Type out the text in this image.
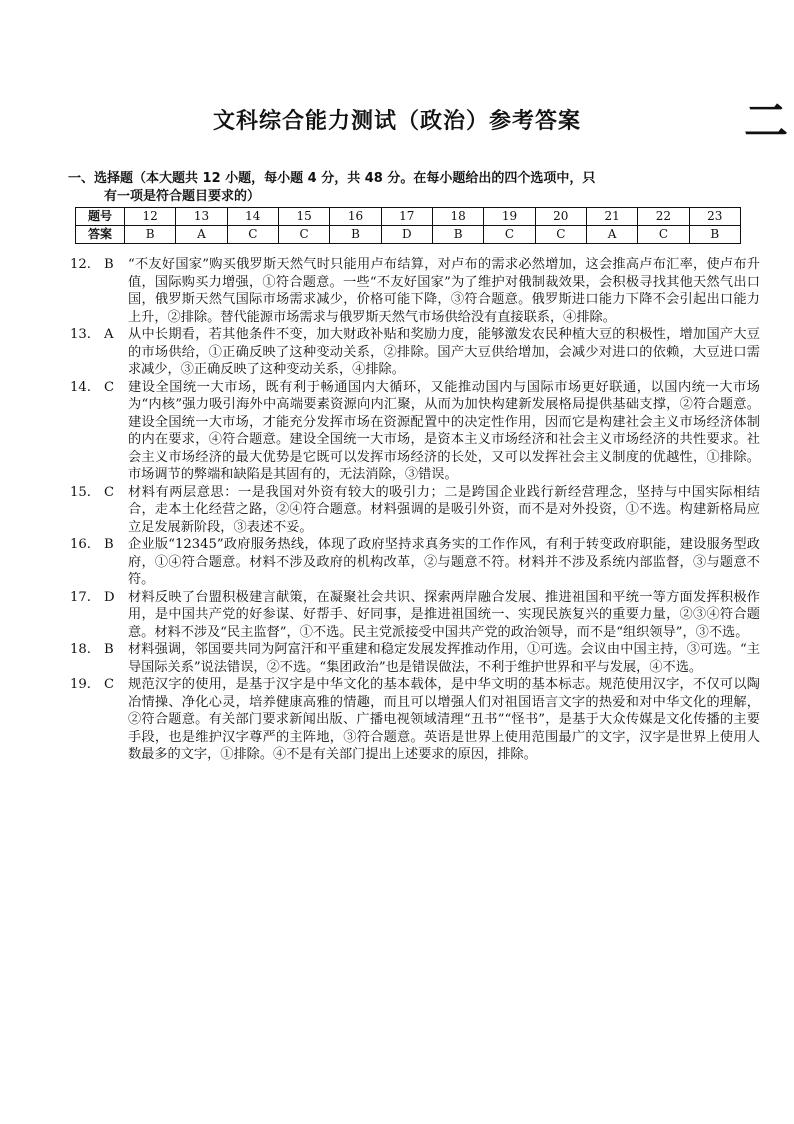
二
文科综合能力测试（政治）参考答案
一、选择题（本大题共 12 小题，每小题 4 分，共 48 分。在每小题给出的四个选项中，只
有一项是符合题目要求的）
题号	12	13	14	15	16	17	18	19	20	21	22	23
答案	B	A	C	C	B	D	B	C	C	A	C	B
12. B	“不友好国家”购买俄罗斯天然气时只能用卢布结算，对卢布的需求必然增加，这会推高卢布汇率，使卢布升值，国际购买力增强，①符合题意。一些“不友好国家”为了维护对俄制裁效果，会积极寻找其他天然气出口国，俄罗斯天然气国际市场需求减少，价格可能下降，③符合题意。俄罗斯进口能力下降不会引起出口能力上升，②排除。替代能源市场需求与俄罗斯天然气市场供给没有直接联系，④排除。
13. A	从中长期看，若其他条件不变，加大财政补贴和奖励力度，能够激发农民种植大豆的积极性，增加国产大豆的市场供给，①正确反映了这种变动关系，②排除。国产大豆供给增加，会减少对进口的依赖，大豆进口需求减少，③正确反映了这种变动关系，④排除。
14. C	建设全国统一大市场，既有利于畅通国内大循环，又能推动国内与国际市场更好联通，以国内统一大市场为“内核”强力吸引海外中高端要素资源向内汇聚，从而为加快构建新发展格局提供基础支撑，②符合题意。建设全国统一大市场，才能充分发挥市场在资源配置中的决定性作用，因而它是构建社会主义市场经济体制的内在要求，④符合题意。建设全国统一大市场，是资本主义市场经济和社会主义市场经济的共性要求。社会主义市场经济的最大优势是它既可以发挥市场经济的长处，又可以发挥社会主义制度的优越性，①排除。市场调节的弊端和缺陷是其固有的，无法消除，③错误。
15. C	材料有两层意思：一是我国对外资有较大的吸引力；二是跨国企业践行新经营理念，坚持与中国实际相结合，走本土化经营之路，②④符合题意。材料强调的是吸引外资，而不是对外投资，①不选。构建新格局应立足发展新阶段，③表述不妥。
16. B	企业版“12345”政府服务热线，体现了政府坚持求真务实的工作作风，有利于转变政府职能，建设服务型政府，①④符合题意。材料不涉及政府的机构改革，②与题意不符。材料并不涉及系统内部监督，③与题意不符。
17. D	材料反映了台盟积极建言献策，在凝聚社会共识、探索两岸融合发展、推进祖国和平统一等方面发挥积极作用，是中国共产党的好参谋、好帮手、好同事，是推进祖国统一、实现民族复兴的重要力量，②③④符合题意。材料不涉及“民主监督”，①不选。民主党派接受中国共产党的政治领导，而不是“组织领导”，③不选。
18. B	材料强调，邻国要共同为阿富汗和平重建和稳定发展发挥推动作用，①可选。会议由中国主持，③可选。“主导国际关系”说法错误，②不选。“集团政治”也是错误做法，不利于维护世界和平与发展，④不选。
19. C	规范汉字的使用，是基于汉字是中华文化的基本载体，是中华文明的基本标志。规范使用汉字，不仅可以陶冶情操、净化心灵，培养健康高雅的情趣，而且可以增强人们对祖国语言文字的热爱和对中华文化的理解，②符合题意。有关部门要求新闻出版、广播电视领域清理“丑书”“怪书”，是基于大众传媒是文化传播的主要手段，也是维护汉字尊严的主阵地，③符合题意。英语是世界上使用范围最广的文字，汉字是世界上使用人数最多的文字，①排除。④不是有关部门提出上述要求的原因，排除。
